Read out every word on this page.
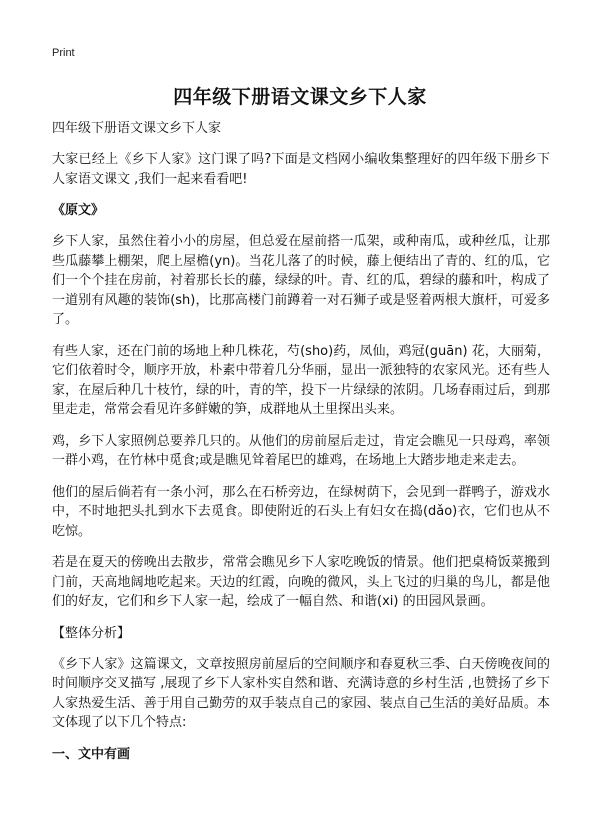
Print
四年级下册语文课文乡下人家

四年级下册语文课文乡下人家

大家已经上《乡下人家》这门课了吗?下面是文档网小编收集整理好的四年级下册乡下人家语文课文 ,我们一起来看看吧!

《原文》

乡下人家，虽然住着小小的房屋，但总爱在屋前搭一瓜架，或种南瓜，或种丝瓜，让那些瓜藤攀上棚架，爬上屋檐(yn)。当花儿落了的时候，藤上便结出了青的、红的瓜，它们一个个挂在房前，衬着那长长的藤，绿绿的叶。青、红的瓜，碧绿的藤和叶，构成了一道别有风趣的装饰(sh)，比那高楼门前蹲着一对石狮子或是竖着两根大旗杆，可爱多了。

有些人家，还在门前的场地上种几株花，芍(sho)药，凤仙，鸡冠(guān) 花，大丽菊，它们依着时令，顺序开放，朴素中带着几分华丽，显出一派独特的农家风光。还有些人家，在屋后种几十枝竹，绿的叶，青的竿，投下一片绿绿的浓阴。几场春雨过后，到那里走走，常常会看见许多鲜嫩的笋，成群地从土里探出头来。

鸡，乡下人家照例总要养几只的。从他们的房前屋后走过，肯定会瞧见一只母鸡，率领一群小鸡，在竹林中觅食;或是瞧见耸着尾巴的雄鸡，在场地上大踏步地走来走去。

他们的屋后倘若有一条小河，那么在石桥旁边，在绿树荫下，会见到一群鸭子，游戏水中，不时地把头扎到水下去觅食。即使附近的石头上有妇女在捣(dǎo)衣，它们也从不吃惊。

若是在夏天的傍晚出去散步，常常会瞧见乡下人家吃晚饭的情景。他们把桌椅饭菜搬到门前，天高地阔地吃起来。天边的红霞，向晚的微风，头上飞过的归巢的鸟儿，都是他们的好友，它们和乡下人家一起，绘成了一幅自然、和谐(xi) 的田园风景画。

【整体分析】

《乡下人家》这篇课文，文章按照房前屋后的空间顺序和春夏秋三季、白天傍晚夜间的时间顺序交叉描写 ,展现了乡下人家朴实自然和谐、充满诗意的乡村生活 ,也赞扬了乡下人家热爱生活、善于用自己勤劳的双手装点自己的家园、装点自己生活的美好品质。本文体现了以下几个特点:

一、文中有画
